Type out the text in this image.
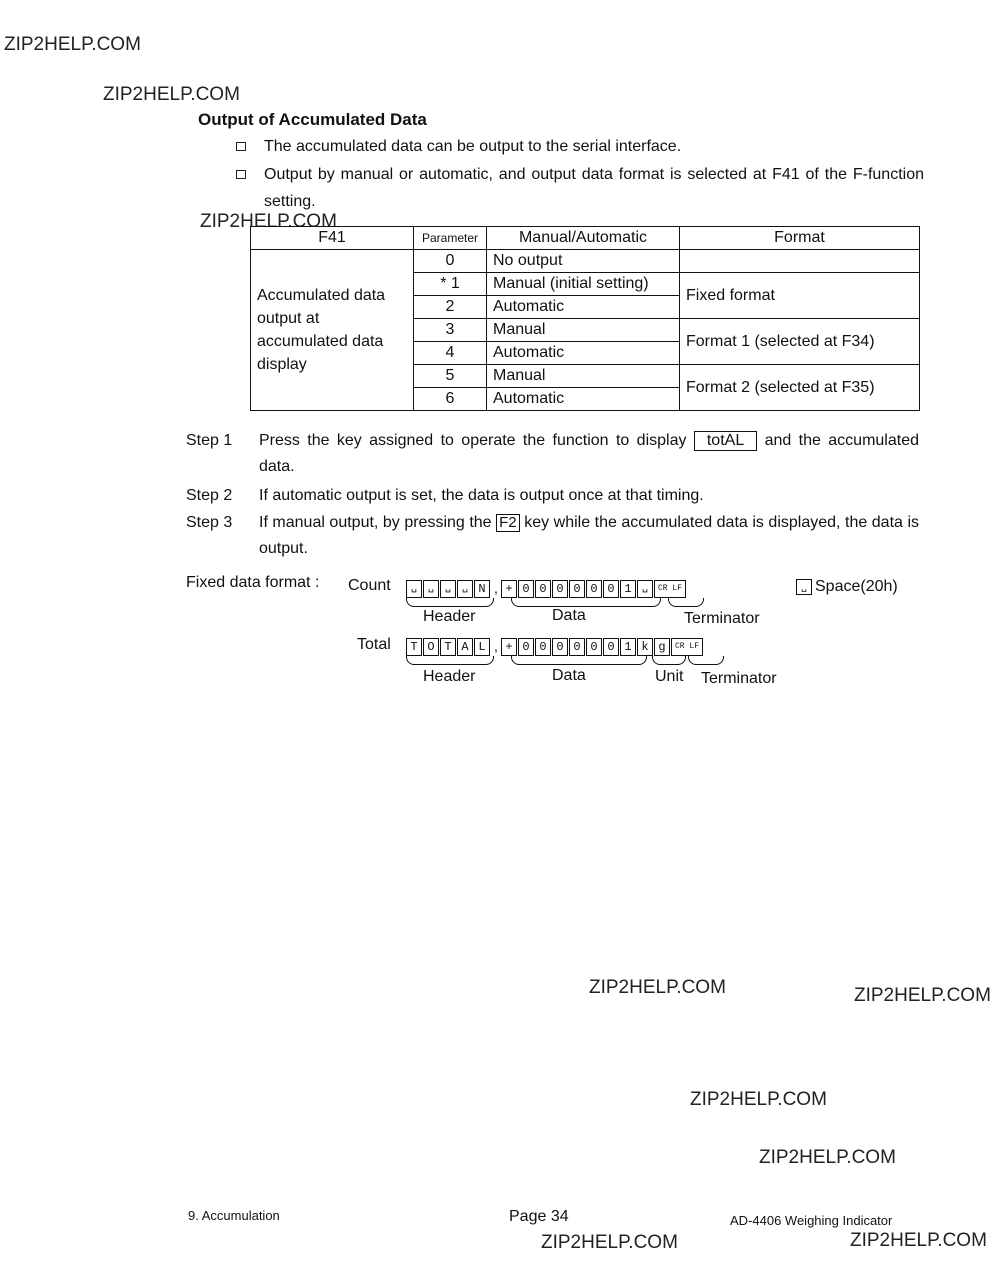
ZIP2HELP.COM
ZIP2HELP.COM
ZIP2HELP.COM
ZIP2HELP.COM	ZIP2HELP.COM
ZIP2HELP.COM
ZIP2HELP.COM
ZIP2HELP.COM	ZIP2HELP.COM
Output of Accumulated Data
The accumulated data can be output to the serial interface.
Output by manual or automatic, and output data format is selected at F41 of the F-function setting.
F41	Parameter	Manual/Automatic	Format
Accumulated data output at accumulated data display	0	No output	
	* 1	Manual (initial setting)	Fixed format
	2	Automatic	
	3	Manual	Format 1 (selected at F34)
	4	Automatic	
	5	Manual	Format 2 (selected at F35)
	6	Automatic	
Step 1	Press the key assigned to operate the function to display totAL and the accumulated data.
Step 2	If automatic output is set, the data is output once at that timing.
Step 3	If manual output, by pressing the F2 key while the accumulated data is displayed, the data is output.
Fixed data format : Count	␣	␣	␣	␣ N , + 0 0 0 0 0 0 1	␣	CR LF
Header	Data	Terminator
␣ Space(20h)
Total	T O T A L , + 0 0 0 0 0 0 1 k g	CR LF
Header	Data	Unit Terminator
9. Accumulation	Page 34	AD-4406 Weighing Indicator
